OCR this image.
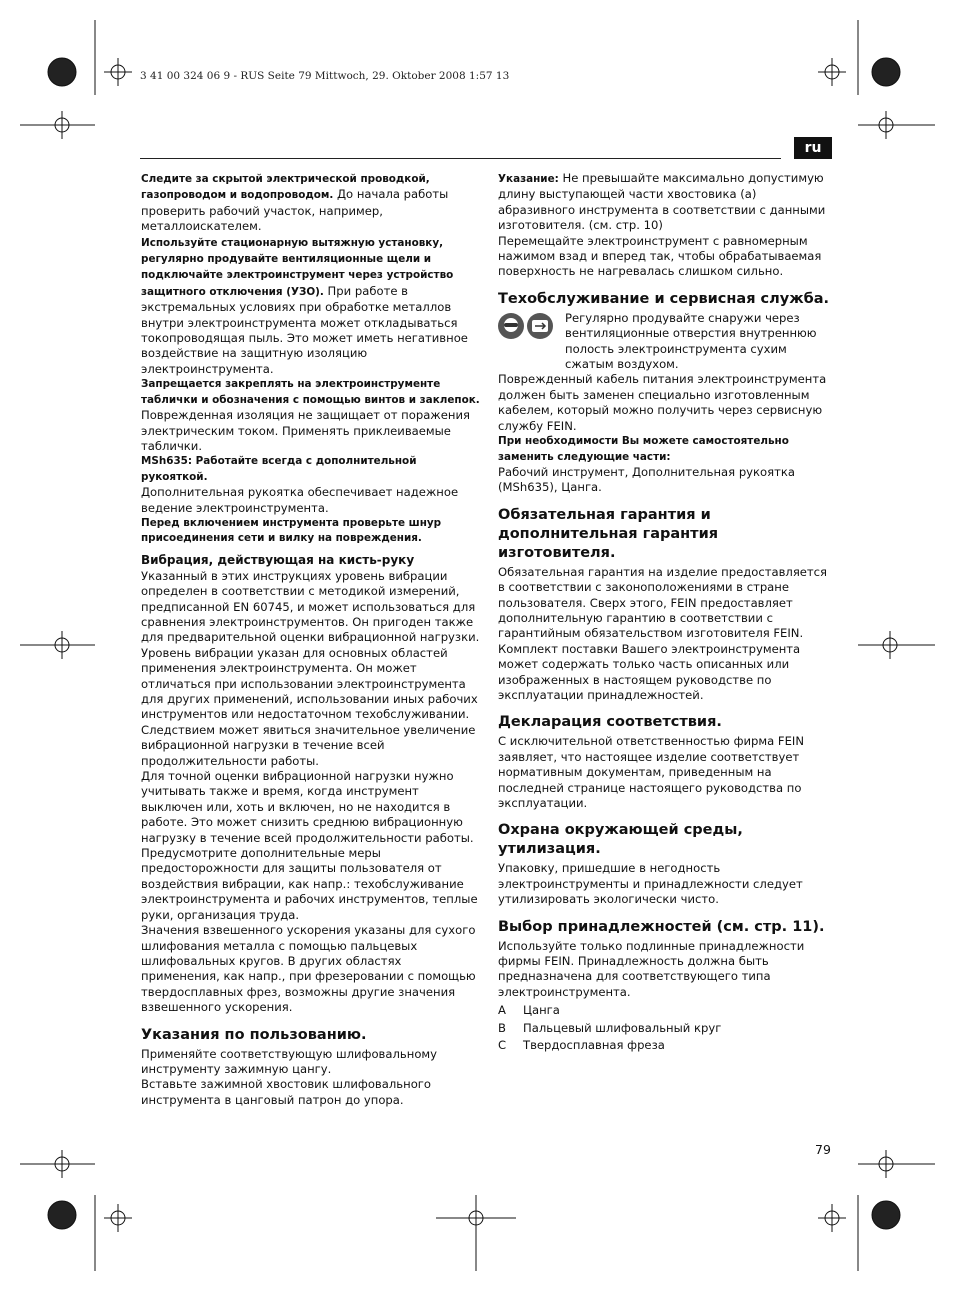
3 41 00 324 06 9 - RUS Seite 79 Mittwoch, 29. Oktober 2008 1:57 13
ru

Следите за скрытой электрической проводкой, газопроводом и водопроводом. До начала работы проверить рабочий участок, например, металлоискателем.

Используйте стационарную вытяжную установку, регулярно продувайте вентиляционные щели и подключайте электроинструмент через устройство защитного отключения (УЗО). При работе в экстремальных условиях при обработке металлов внутри электроинструмента может откладываться токопроводящая пыль. Это может иметь негативное воздействие на защитную изоляцию электроинструмента.

Запрещается закреплять на электроинструменте таблички и обозначения с помощью винтов и заклепок.

Поврежденная изоляция не защищает от поражения электрическим током. Применять приклеиваемые таблички.

MSh635: Работайте всегда с дополнительной рукояткой.

Дополнительная рукоятка обеспечивает надежное ведение электроинструмента.

Перед включением инструмента проверьте шнур присоединения сети и вилку на повреждения.

Вибрация, действующая на кисть-руку

Указанный в этих инструкциях уровень вибрации определен в соответствии с методикой измерений, предписанной EN 60745, и может использоваться для сравнения электроинструментов. Он пригоден также для предварительной оценки вибрационной нагрузки.

Уровень вибрации указан для основных областей применения электроинструмента. Он может отличаться при использовании электроинструмента для других применений, использовании иных рабочих инструментов или недостаточном техобслуживании. Следствием может явиться значительное увеличение вибрационной нагрузки в течение всей продолжительности работы.

Для точной оценки вибрационной нагрузки нужно учитывать также и время, когда инструмент выключен или, хоть и включен, но не находится в работе. Это может снизить среднюю вибрационную нагрузку в течение всей продолжительности работы.

Предусмотрите дополнительные меры предосторожности для защиты пользователя от воздействия вибрации, как напр.: техобслуживание электроинструмента и рабочих инструментов, теплые руки, организация труда.

Значения взвешенного ускорения указаны для сухого шлифования металла с помощью пальцевых шлифовальных кругов. В других областях применения, как напр., при фрезеровании с помощью твердосплавных фрез, возможны другие значения взвешенного ускорения.

Указания по пользованию.

Применяйте соответствующую шлифовальному инструменту зажимную цангу.

Вставьте зажимной хвостовик шлифовального инструмента в цанговый патрон до упора.

Указание: Не превышайте максимально допустимую длину выступающей части хвостовика (а) абразивного инструмента в соответствии с данными изготовителя. (см. стр. 10)

Перемещайте электроинструмент с равномерным нажимом взад и вперед так, чтобы обрабатываемая поверхность не нагревалась слишком сильно.

Техобслуживание и сервисная служба.

Регулярно продувайте снаружи через вентиляционные отверстия внутреннюю полость электроинструмента сухим сжатым воздухом.

Поврежденный кабель питания электроинструмента должен быть заменен специально изготовленным кабелем, который можно получить через сервисную службу FEIN.

При необходимости Вы можете самостоятельно заменить следующие части:

Рабочий инструмент, Дополнительная рукоятка (MSh635), Цанга.

Обязательная гарантия и дополнительная гарантия изготовителя.

Обязательная гарантия на изделие предоставляется в соответствии с законоположениями в стране пользователя. Сверх этого, FEIN предоставляет дополнительную гарантию в соответствии с гарантийным обязательством изготовителя FEIN.

Комплект поставки Вашего электроинструмента может содержать только часть описанных или изображенных в настоящем руководстве по эксплуатации принадлежностей.

Декларация соответствия.

С исключительной ответственностью фирма FEIN заявляет, что настоящее изделие соответствует нормативным документам, приведенным на последней странице настоящего руководства по эксплуатации.

Охрана окружающей среды, утилизация.

Упаковку, пришедшие в негодность электроинструменты и принадлежности следует утилизировать экологически чисто.

Выбор принадлежностей (см. стр. 11).

Используйте только подлинные принадлежности фирмы FEIN. Принадлежность должна быть предназначена для соответствующего типа электроинструмента.

A	Цанга
B	Пальцевый шлифовальный круг
C	Твердосплавная фреза
79
